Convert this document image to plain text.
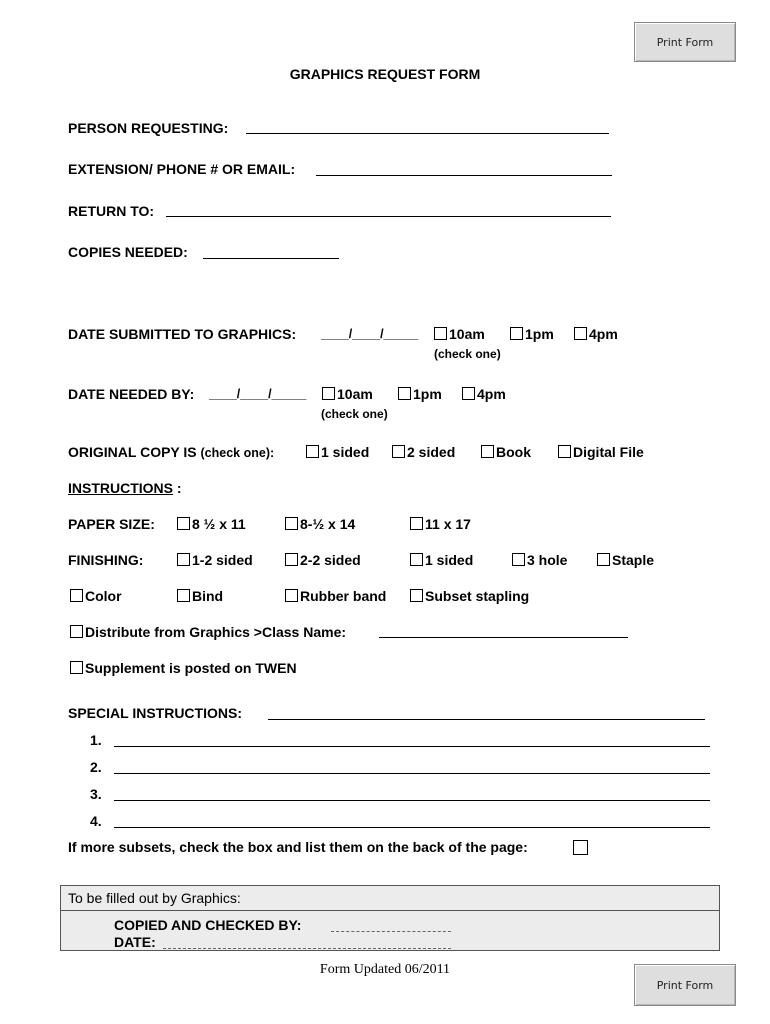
Print Form
Print Form
GRAPHICS REQUEST FORM
PERSON REQUESTING:
EXTENSION/ PHONE # OR EMAIL:
RETURN TO:
COPIES NEEDED:
DATE SUBMITTED TO GRAPHICS: ____/____/_____ 10am	1pm	4pm
(check one)
DATE NEEDED BY: ____/____/_____ 10am	1pm	4pm
(check one)
ORIGINAL COPY IS (check one):	1 sided	2 sided	Book	Digital File
INSTRUCTIONS :
PAPER SIZE:	8 ½ x 11	8-½ x 14	11 x 17
FINISHING:	1-2 sided	2-2 sided	1 sided	3 hole	Staple
Color	Bind	Rubber band	Subset stapling
Distribute from Graphics >Class Name:
Supplement is posted on TWEN
SPECIAL INSTRUCTIONS:
1.
2.
3.
4.
If more subsets, check the box and list them on the back of the page:
To be filled out by Graphics:
COPIED AND CHECKED BY:
DATE:
Form Updated 06/2011
